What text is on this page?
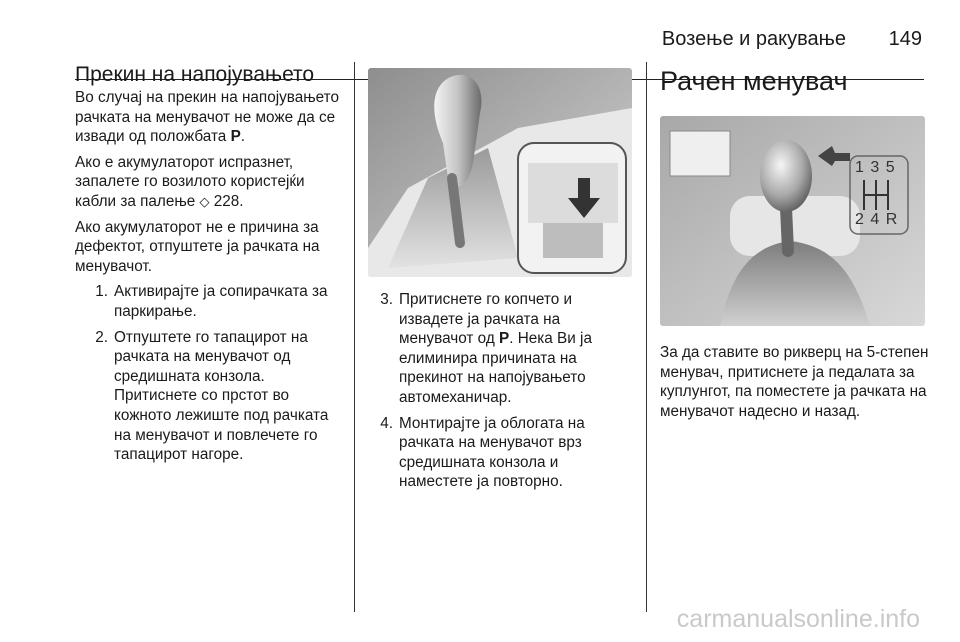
Возење и ракување 149
Прекин на напојувањето

Во случај на прекин на напојувањето рачката на менувачот не може да се извади од положбата P.

Ако е акумулаторот испразнет, запалете го возилото користејќи кабли за палење ◇ 228.

Ако акумулаторот не е причина за дефектот, отпуштете ја рачката на менувачот.

1. Активирајте ја сопирачката за паркирање.
2. Отпуштете го тапацирот на рачката на менувачот од средишната конзола. Притиснете со прстот во кожното лежиште под рачката на менувачот и повлечете го тапацирот нагоре.
3. Притиснете го копчето и извадете ја рачката на менувачот од P. Нека Ви ја елиминира причината на прекинот на напојувањето автомеханичар.
4. Монтирајте ја облогата на рачката на менувачот врз средишната конзола и наместете ја повторно.
Рачен менувач
1 3 5
2 4 R

За да ставите во рикверц на 5-степен менувач, притиснете ја педалата за куплунгот, па поместете ја рачката на менувачот надесно и назад.

carmanualsonline.info
